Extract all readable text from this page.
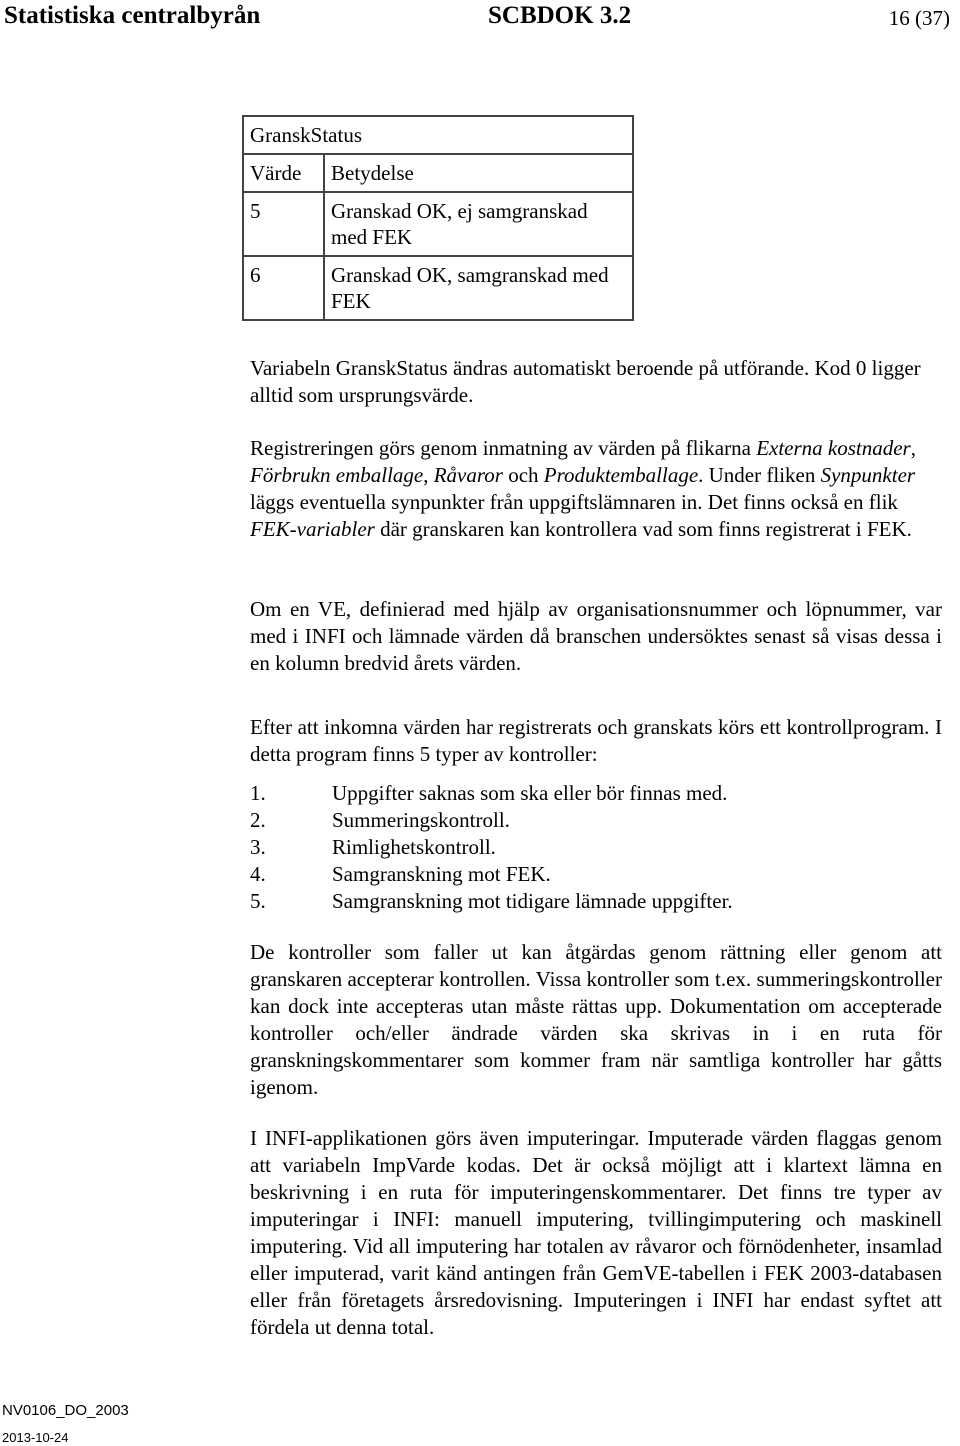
Statistiska centralbyrån	SCBDOK 3.2	16 (37)
GranskStatus	
Värde	Betydelse
5	Granskad OK, ej samgranskad med FEK
6	Granskad OK, samgranskad med FEK

Variabeln GranskStatus ändras automatiskt beroende på utförande. Kod 0 ligger alltid som ursprungsvärde.

Registreringen görs genom inmatning av värden på flikarna Externa kostnader, Förbrukn emballage, Råvaror och Produktemballage. Under fliken Synpunkter läggs eventuella synpunkter från uppgiftslämnaren in. Det finns också en flik FEK-variabler där granskaren kan kontrollera vad som finns registrerat i FEK.

Om en VE, definierad med hjälp av organisationsnummer och löpnummer, var med i INFI och lämnade värden då branschen undersöktes senast så visas dessa i en kolumn bredvid årets värden.

Efter att inkomna värden har registrerats och granskats körs ett kontrollprogram. I detta program finns 5 typer av kontroller:

1.	Uppgifter saknas som ska eller bör finnas med.
2.	Summeringskontroll.
3.	Rimlighetskontroll.
4.	Samgranskning mot FEK.
5.	Samgranskning mot tidigare lämnade uppgifter.

De kontroller som faller ut kan åtgärdas genom rättning eller genom att granskaren accepterar kontrollen. Vissa kontroller som t.ex. summeringskontroller kan dock inte accepteras utan måste rättas upp. Dokumentation om accepterade kontroller och/eller ändrade värden ska skrivas in i en ruta för granskningskommentarer som kommer fram när samtliga kontroller har gåtts igenom.

I INFI-applikationen görs även imputeringar. Imputerade värden flaggas genom att variabeln ImpVarde kodas. Det är också möjligt att i klartext lämna en beskrivning i en ruta för imputeringenskommentarer. Det finns tre typer av imputeringar i INFI: manuell imputering, tvillingimputering och maskinell imputering. Vid all imputering har totalen av råvaror och förnödenheter, insamlad eller imputerad, varit känd antingen från GemVE-tabellen i FEK 2003-databasen eller från företagets årsredovisning. Imputeringen i INFI har endast syftet att fördela ut denna total.

NV0106_DO_2003
2013-10-24
